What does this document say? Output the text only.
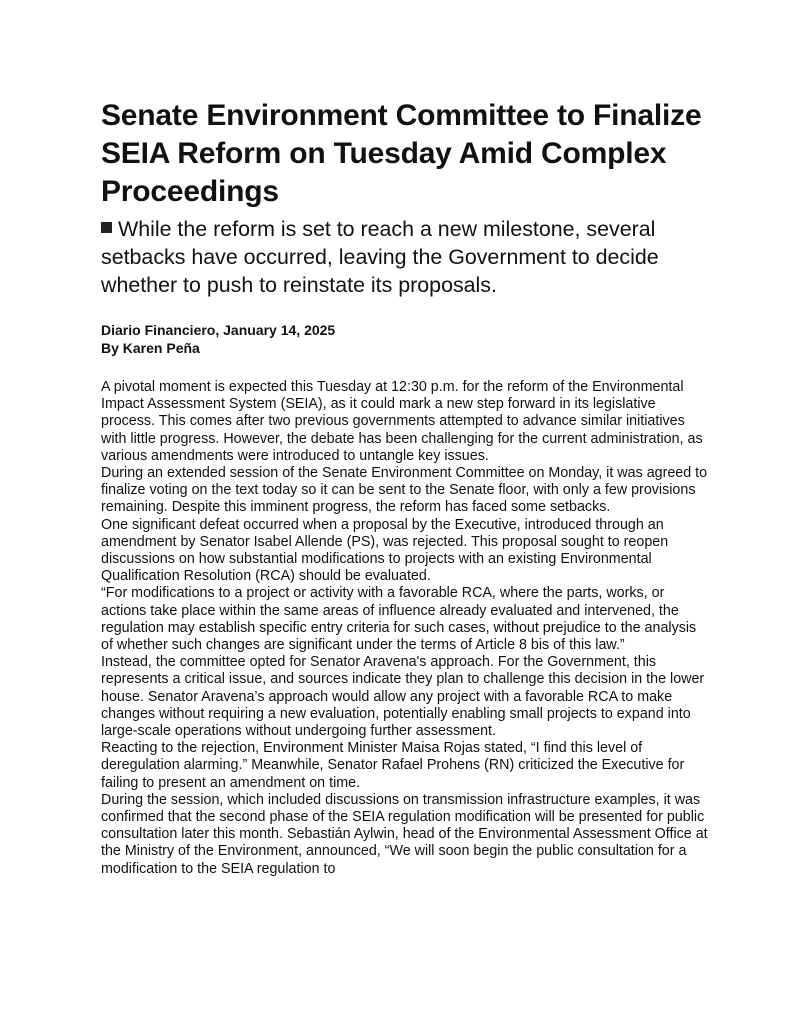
Senate Environment Committee to Finalize SEIA Reform on Tuesday Amid Complex Proceedings

While the reform is set to reach a new milestone, several setbacks have occurred, leaving the Government to decide whether to push to reinstate its proposals.

Diario Financiero, January 14, 2025
By Karen Peña

A pivotal moment is expected this Tuesday at 12:30 p.m. for the reform of the Environmental Impact Assessment System (SEIA), as it could mark a new step forward in its legislative process. This comes after two previous governments attempted to advance similar initiatives with little progress. However, the debate has been challenging for the current administration, as various amendments were introduced to untangle key issues.

During an extended session of the Senate Environment Committee on Monday, it was agreed to finalize voting on the text today so it can be sent to the Senate floor, with only a few provisions remaining. Despite this imminent progress, the reform has faced some setbacks.

One significant defeat occurred when a proposal by the Executive, introduced through an amendment by Senator Isabel Allende (PS), was rejected. This proposal sought to reopen discussions on how substantial modifications to projects with an existing Environmental Qualification Resolution (RCA) should be evaluated.

“For modifications to a project or activity with a favorable RCA, where the parts, works, or actions take place within the same areas of influence already evaluated and intervened, the regulation may establish specific entry criteria for such cases, without prejudice to the analysis of whether such changes are significant under the terms of Article 8 bis of this law.”

Instead, the committee opted for Senator Aravena's approach. For the Government, this represents a critical issue, and sources indicate they plan to challenge this decision in the lower house. Senator Aravena’s approach would allow any project with a favorable RCA to make changes without requiring a new evaluation, potentially enabling small projects to expand into large-scale operations without undergoing further assessment.

Reacting to the rejection, Environment Minister Maisa Rojas stated, “I find this level of deregulation alarming.” Meanwhile, Senator Rafael Prohens (RN) criticized the Executive for failing to present an amendment on time.

During the session, which included discussions on transmission infrastructure examples, it was confirmed that the second phase of the SEIA regulation modification will be presented for public consultation later this month. Sebastián Aylwin, head of the Environmental Assessment Office at the Ministry of the Environment, announced, “We will soon begin the public consultation for a modification to the SEIA regulation to
